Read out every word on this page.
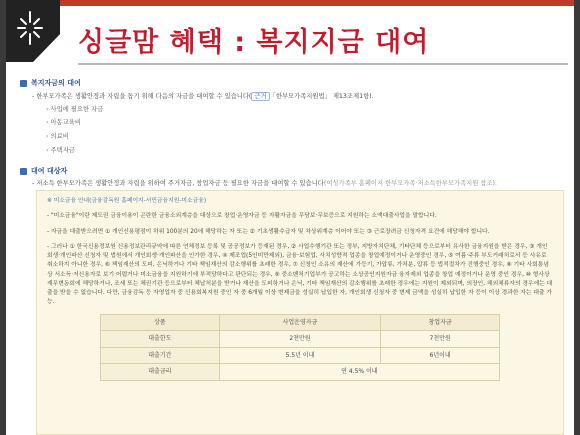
싱글맘 혜택 : 복지지금 대여
복지자금의 대여
- 한부모가족은 생활안정과 자립을 돕기 위해 다음의 자금을 대여할 수 있습니다( 근거 「한부모가족지원법」 제13조제1항).
› 사업에 필요한 자금
› 아동교육비
› 의료비
› 주택자금
대여 대상자
- 저소득 한부모가족은 생활안정과 자립을 위하여 주거자금, 창업자금 등 필요한 자금을 대여할 수 있습니다(여성가족부 홈페이지 한부모가족·저소득한부모가족지원 참조).

※ 미소금융 안내(금융감독원 홈페이지-서민금융지원-미소금융)

- "미소금융"이란 제도권 금융이용이 곤란한 금융소외계층을 대상으로 창업·운영자금 등 자활자금을 무담보·무보증으로 지원하는 소액대출사업을 말합니다.

- 자금을 대출받으려면 ① 개인신용평점이 하위 100분의 20에 해당하는 자 또는 ② 기초생활수급자 및 차상위계층 이어야 또는 ③ 근로장려금 신청자격 요건에 해당해야 합니다.

- 그러나 ① 한국신용정보원 신용정보관리규약에 따른 연체정보 등록 및 공공정보가 등재된 경우, ② 사업수행기관 또는 정부, 지방자치단체, 기타단체 등으로부터 유사한 금융지원을 받은 경우, ③ 개인회생·개인파산 신청자 및 법원에서 개인회생·개인파산을 인가한 경우, ④ 제조업(5인미만제외), 금융·보험업, 사치성향적 업종을 창업예정이거나 운영중인 경우, ⑤ 여름·주류 부도거래처로서 등 사유로 취소하지 아니한 경우, ⑥ 책임재산의 도피, 은닉하거나 기타 책임재산의 감소행위를 초래한 경우, ⑦ 신청인 소유의 재산에 가등기, 가압류, 가처분, 압류 등 법적절차가 진행중인 경우, ⑧ 기타 사회통념상 서소득·저신용자로 보기 어렵거나 미소금융을 지원하기에 부적당하다고 판단되는 경우, ⑨ 중소벤처기업부가 공고하는 소상공인지원자금 융자제외 업종을 창업 예정이거나 운영 중인 경우, ⑩ 형사상 재무변동회에 해당하거나, 조세 또는 체권기관 등으로부터 체납처분을 받거나 재산을 도피하거나 은닉, 기타 책임재산의 감소행위를 초래한 경우에는 지원이 제외되며, 의장인, 해외체류자의 경우에는 대출을 받을 수 없습니다. 다만, 금융감독 등 자영업자 중 신용회복지원 중인 자 중 6개월 이상 변제금을 성실히 납입한 자, 개인회생 신청자 중 변제 금액을 성실히 납입한 자 등이 이상 경과한 자는 대출 가능.

상품	사업운영자금	창업자금
대출한도	2천만원	7천만원
대출기간	5.5년 이내	6년이내
대출금리	연 4.5% 이내	
